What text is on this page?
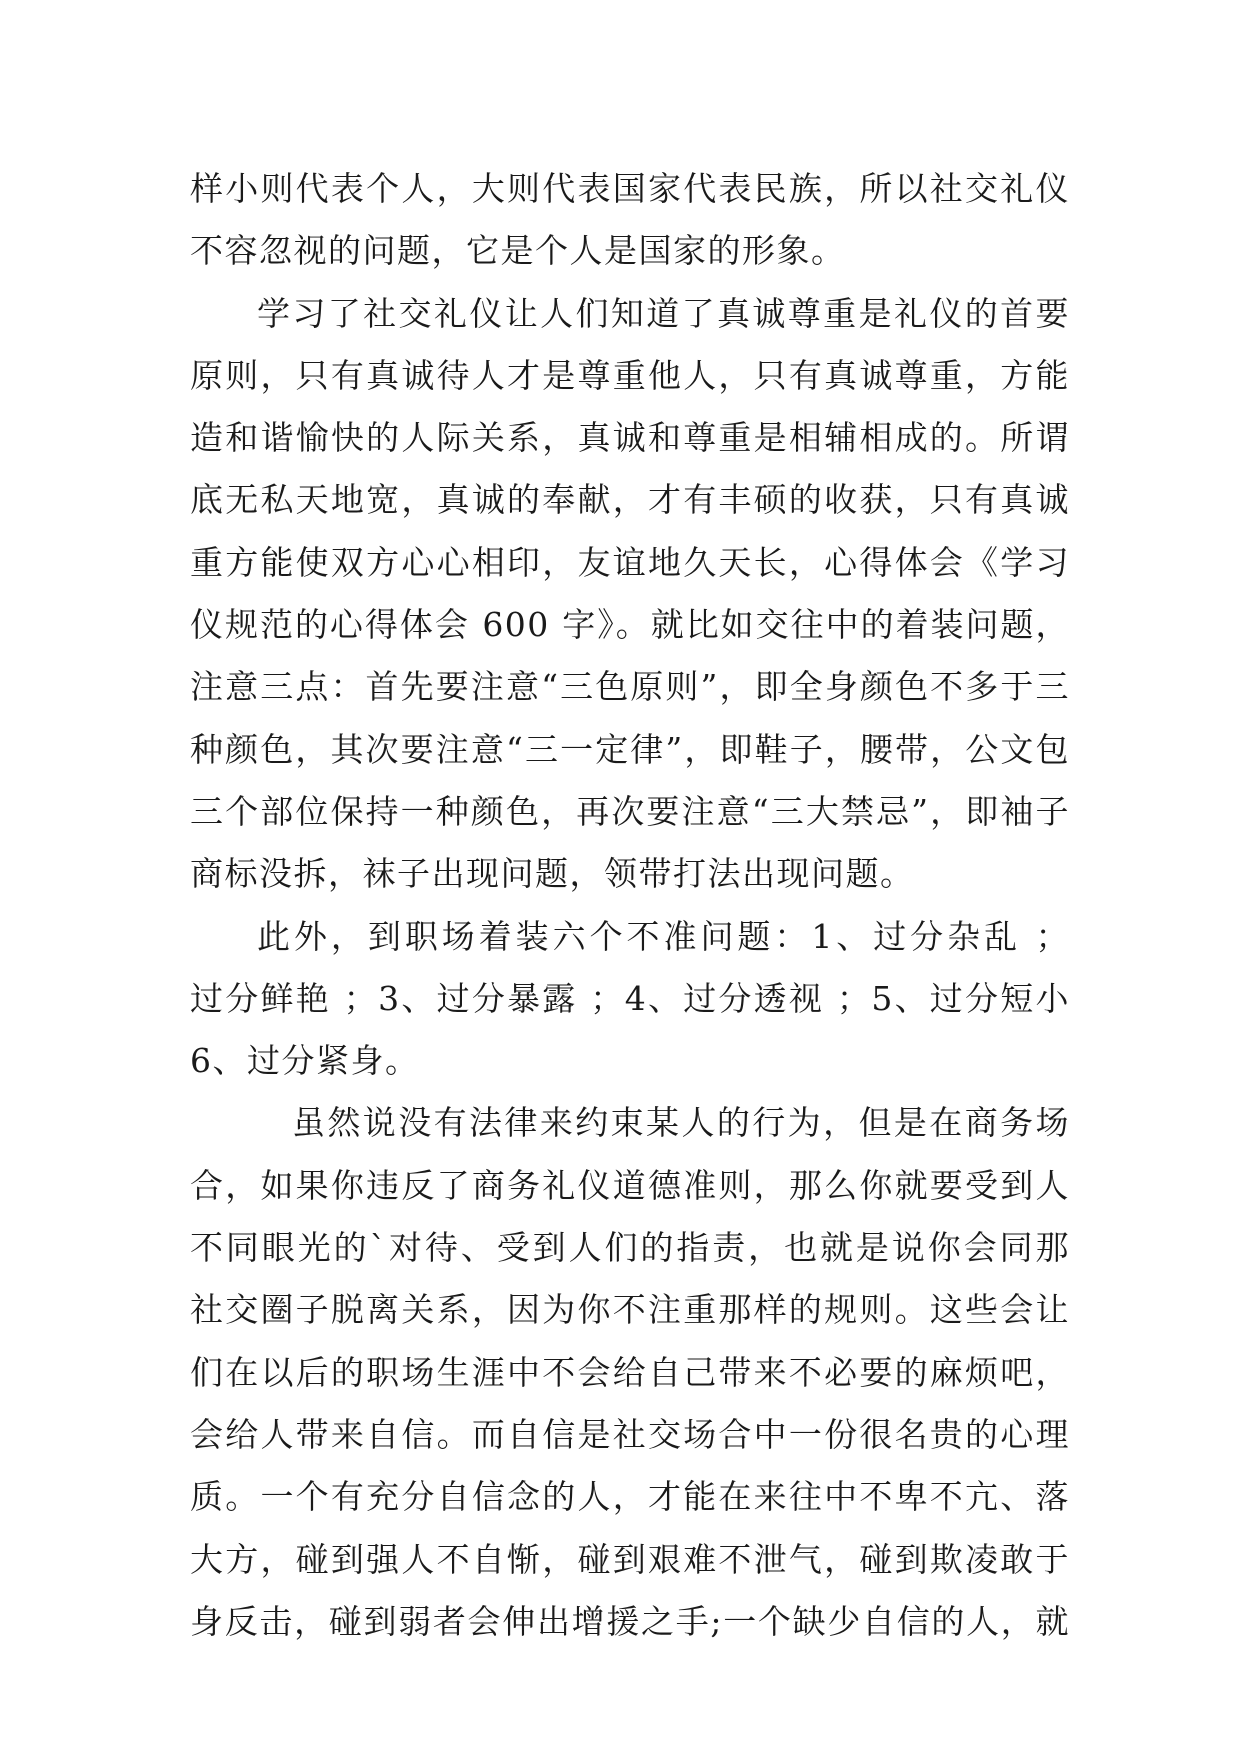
样小则代表个人，大则代表国家代表民族，所以社交礼仪
不容忽视的问题，它是个人是国家的形象。
学习了社交礼仪让人们知道了真诚尊重是礼仪的首要
原则，只有真诚待人才是尊重他人，只有真诚尊重，方能
造和谐愉快的人际关系，真诚和尊重是相辅相成的。所谓
底无私天地宽，真诚的奉献，才有丰硕的收获，只有真诚
重方能使双方心心相印，友谊地久天长，心得体会《学习
仪规范的心得体会 600 字》。就比如交往中的着装问题，
注意三点：首先要注意“三色原则”，即全身颜色不多于三
种颜色，其次要注意“三一定律”，即鞋子，腰带，公文包
三个部位保持一种颜色，再次要注意“三大禁忌”，即袖子
商标没拆，袜子出现问题，领带打法出现问题。
此外，到职场着装六个不准问题：1、过分杂乱 ；
过分鲜艳 ；3、过分暴露 ；4、过分透视 ；5、过分短小
6、过分紧身。
虽然说没有法律来约束某人的行为，但是在商务场
合，如果你违反了商务礼仪道德准则，那么你就要受到人
不同眼光的`对待、受到人们的指责，也就是说你会同那
社交圈子脱离关系，因为你不注重那样的规则。这些会让
们在以后的职场生涯中不会给自己带来不必要的麻烦吧，
会给人带来自信。而自信是社交场合中一份很名贵的心理
质。一个有充分自信念的人，才能在来往中不卑不亢、落
大方，碰到强人不自惭，碰到艰难不泄气，碰到欺凌敢于
身反击，碰到弱者会伸出增援之手;一个缺少自信的人，就
